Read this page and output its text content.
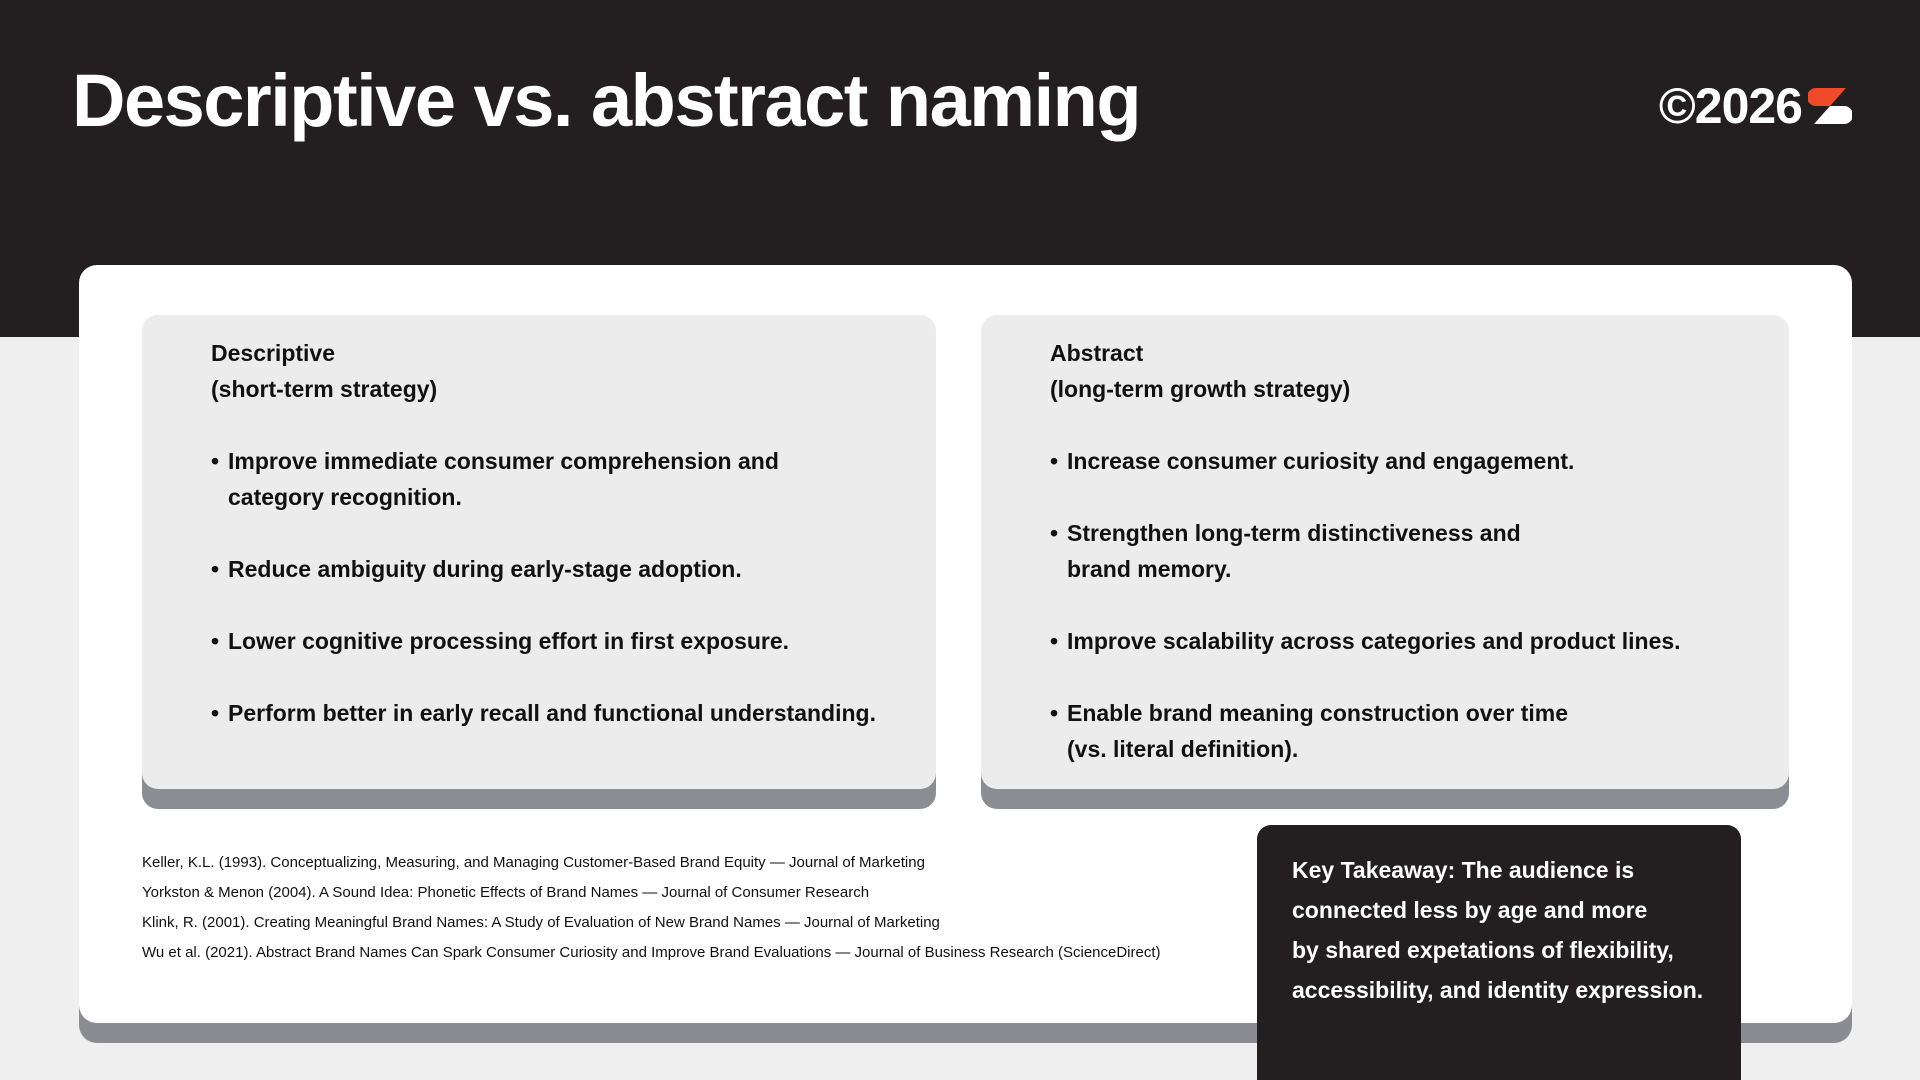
Descriptive vs. abstract naming	©2026
Descriptive
(short-term strategy)
• Improve immediate consumer comprehension and
category recognition.
• Reduce ambiguity during early-stage adoption.
• Lower cognitive processing effort in first exposure.
• Perform better in early recall and functional understanding.
Abstract
(long-term growth strategy)
• Increase consumer curiosity and engagement.
• Strengthen long-term distinctiveness and
brand memory.
• Improve scalability across categories and product lines.
• Enable brand meaning construction over time
(vs. literal definition).
Keller, K.L. (1993). Conceptualizing, Measuring, and Managing Customer-Based Brand Equity — Journal of Marketing
Yorkston & Menon (2004). A Sound Idea: Phonetic Effects of Brand Names — Journal of Consumer Research
Klink, R. (2001). Creating Meaningful Brand Names: A Study of Evaluation of New Brand Names — Journal of Marketing
Wu et al. (2021). Abstract Brand Names Can Spark Consumer Curiosity and Improve Brand Evaluations — Journal of Business Research (ScienceDirect)

Key Takeaway: The audience is
connected less by age and more
by shared expetations of flexibility,
accessibility, and identity expression.
